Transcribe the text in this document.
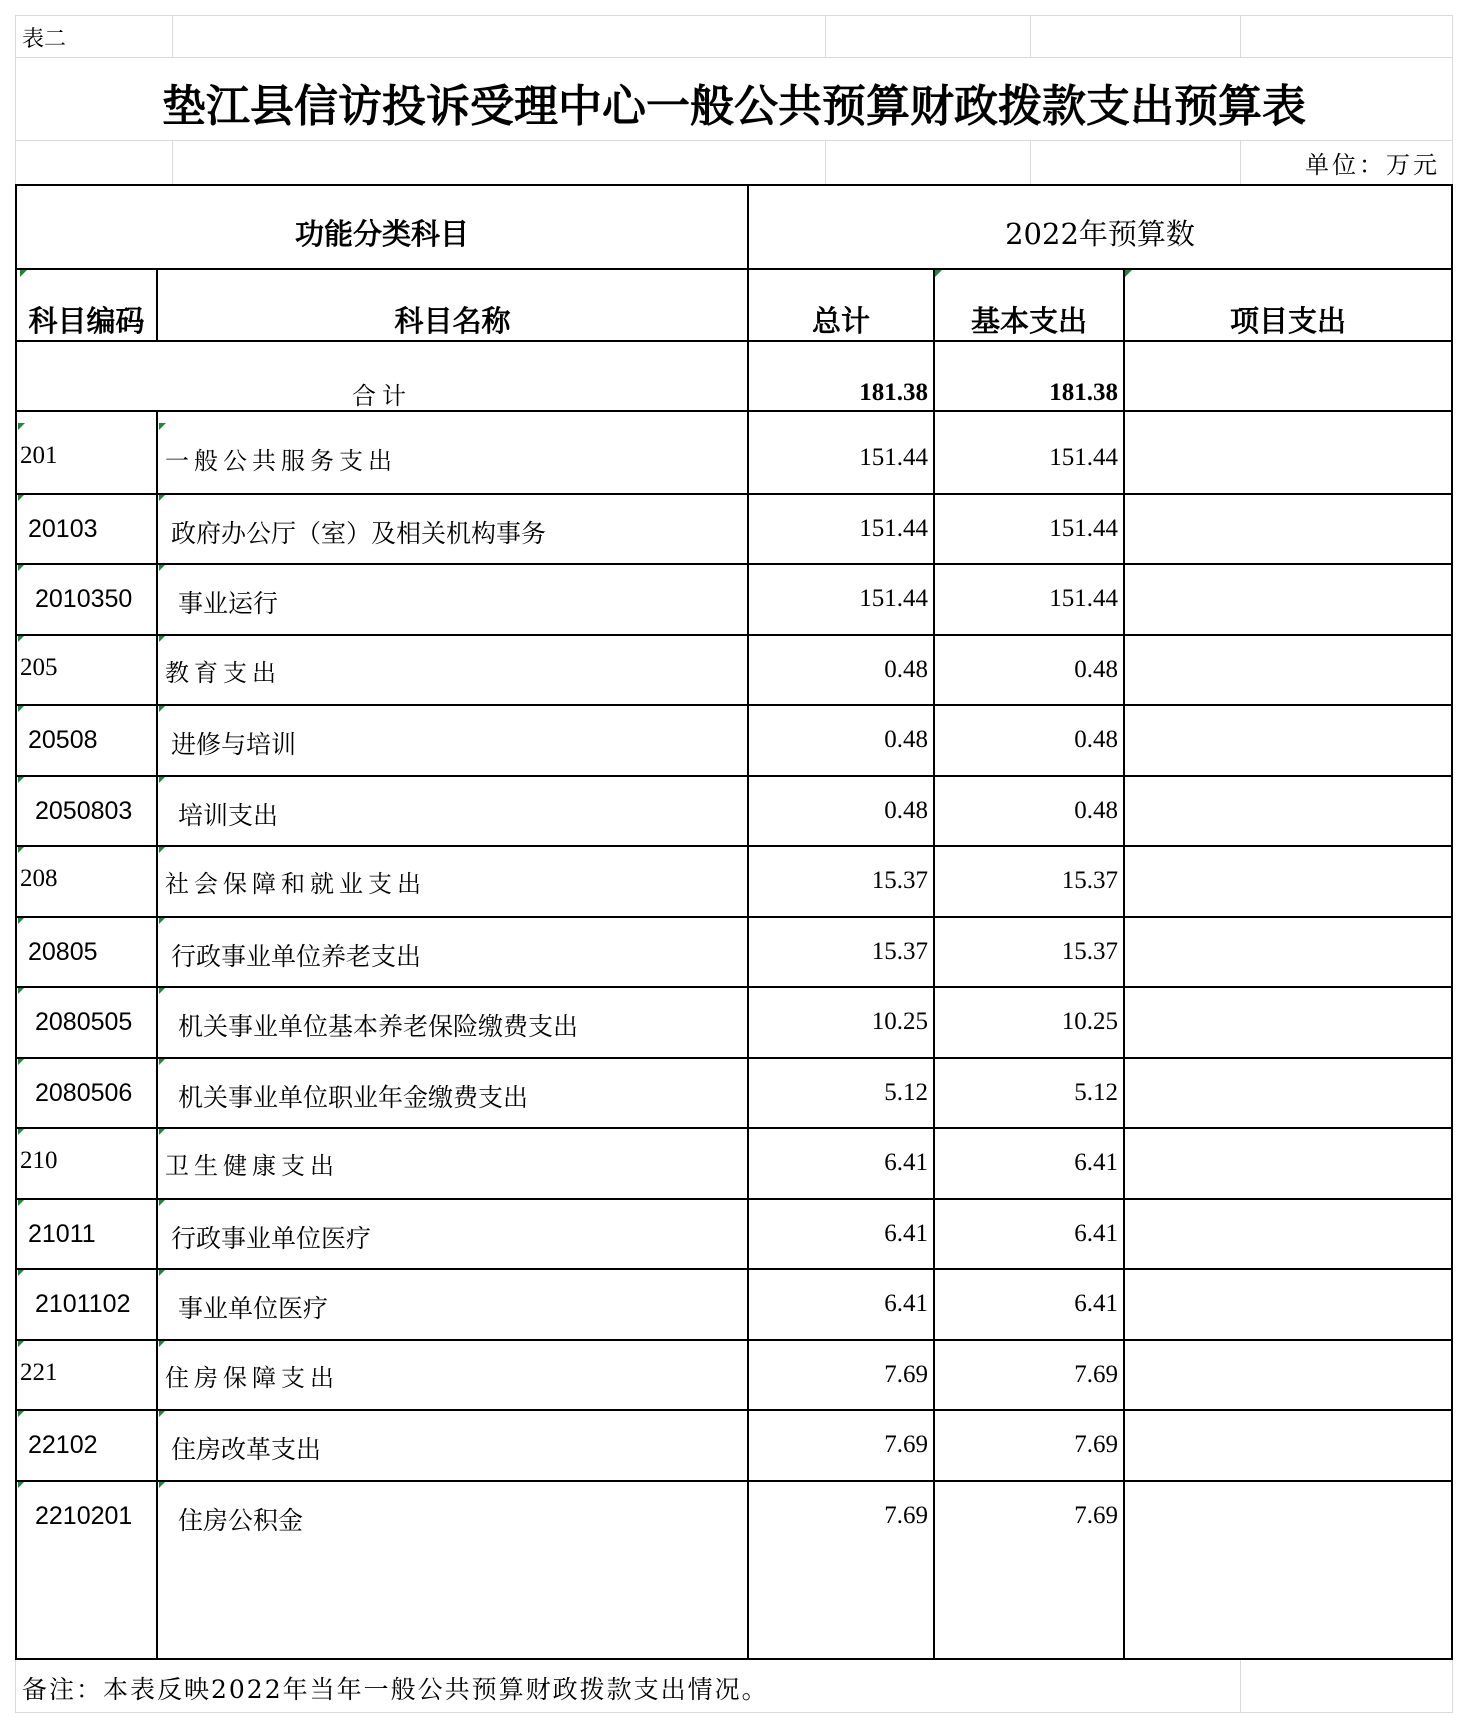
表二
垫江县信访投诉受理中心一般公共预算财政拨款支出预算表
单位：万元
功能分类科目	2022年预算数
科目编码	科目名称	总计	基本支出	项目支出
合计	181.38	181.38
201	一般公共服务支出	151.44	151.44
20103	政府办公厅（室）及相关机构事务	151.44	151.44
2010350 事业运行	151.44	151.44
205	教育支出	0.48	0.48
20508	进修与培训	0.48	0.48
2050803 培训支出	0.48	0.48
208	社会保障和就业支出	15.37	15.37
20805	行政事业单位养老支出	15.37	15.37
2080505 机关事业单位基本养老保险缴费支出	10.25	10.25
2080506 机关事业单位职业年金缴费支出	5.12	5.12
210	卫生健康支出	6.41	6.41
21011	行政事业单位医疗	6.41	6.41
2101102 事业单位医疗	6.41	6.41
221	住房保障支出	7.69	7.69
22102	住房改革支出	7.69	7.69
2210201 住房公积金	7.69	7.69
备注：本表反映2022年当年一般公共预算财政拨款支出情况。
